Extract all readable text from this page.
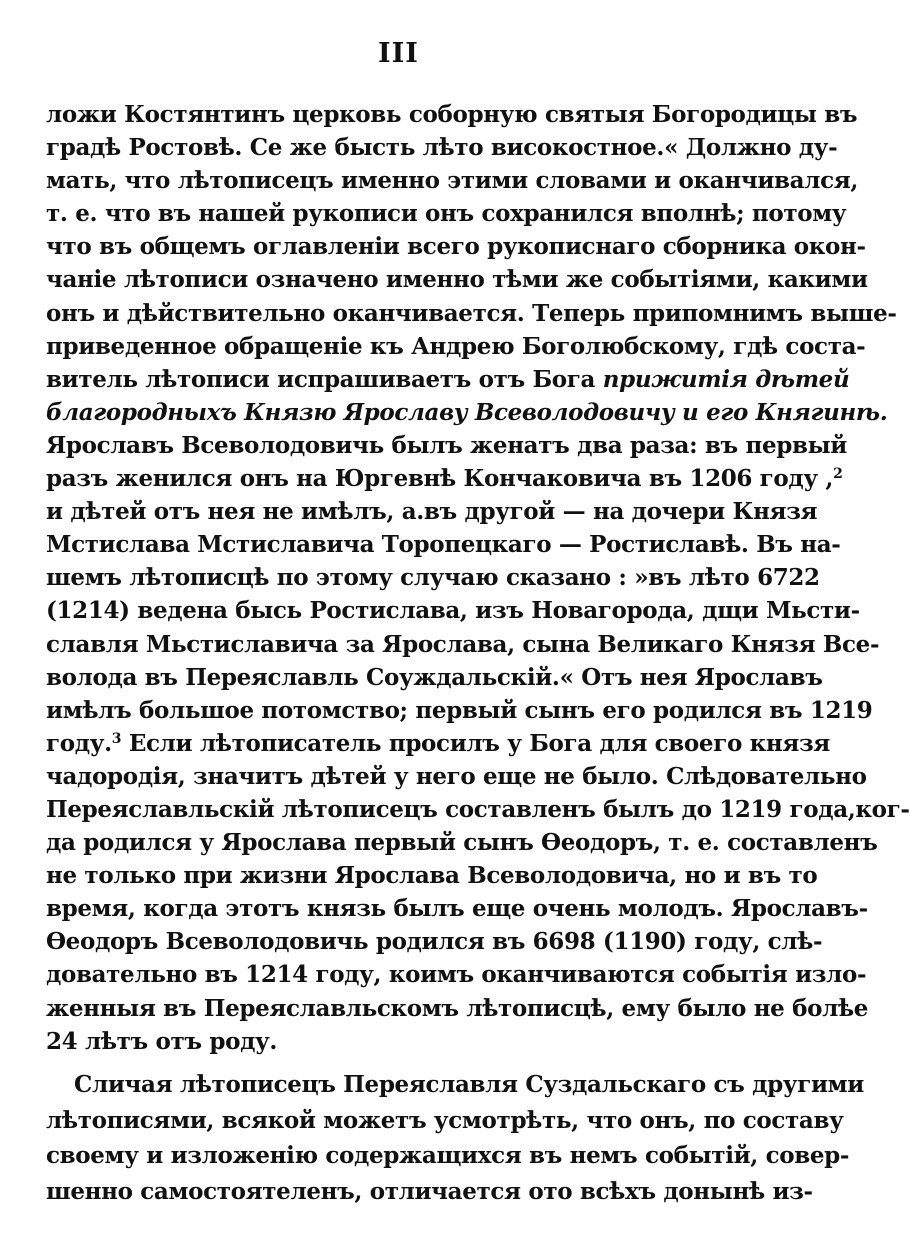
III
ложи Костянтинъ церковь соборную святыя Богородицы въ
градѣ Ростовѣ. Се же бысть лѣто високостное.« Должно ду-
мать, что лѣтописецъ именно этими словами и оканчивался,
т. е. что въ нашей рукописи онъ сохранился вполнѣ; потому
что въ общемъ оглавленіи всего рукописнаго сборника окон-
чаніе лѣтописи означено именно тѣми же событіями, какими
онъ и дѣйствительно оканчивается. Теперь припомнимъ выше-
приведенное обращеніе къ Андрею Боголюбскому, гдѣ соста-
витель лѣтописи испрашиваетъ отъ Бога прижитія дѣтей
благородныхъ Князю Ярославу Всеволодовичу и его Княгинѣ.
Ярославъ Всеволодовичь былъ женатъ два раза: въ первый
разъ женился онъ на Юргевнѣ Кончаковича въ 1206 году ,$^2$
и дѣтей отъ нея не имѣлъ, а.въ другой — на дочери Князя
Мстислава Мстиславича Торопецкаго — Ростиславѣ. Въ на-
шемъ лѣтописцѣ по этому случаю сказано : »въ лѣто 6722
(1214) ведена бысь Ростислава, изъ Новагорода, дщи Мьсти-
славля Мьстиславича за Ярослава, сына Великаго Князя Все-
волода въ Переяславль Соуждальскій.« Отъ нея Ярославъ
имѣлъ большое потомство; первый сынъ его родился въ 1219
году.$^3$ Если лѣтописатель просилъ у Бога для своего князя
чадородія, значитъ дѣтей у него еще не было. Слѣдовательно
Переяславльскій лѣтописецъ составленъ былъ до 1219 года,ког-
да родился у Ярослава первый сынъ Ѳеодоръ, т. е. составленъ
не только при жизни Ярослава Всеволодовича, но и въ то
время, когда этотъ князь былъ еще очень молодъ. Ярославъ-
Ѳеодоръ Всеволодовичь родился въ 6698 (1190) году, слѣ-
довательно въ 1214 году, коимъ оканчиваются событія изло-
женныя въ Переяславльскомъ лѣтописцѣ, ему было не болѣе
24 лѣтъ отъ роду.
Сличая лѣтописецъ Переяславля Суздальскаго съ другими
лѣтописями, всякой можетъ усмотрѣть, что онъ, по составу
своему и изложенію содержащихся въ немъ событій, совер-
шенно самостоятеленъ, отличается ото всѣхъ донынѣ из-
